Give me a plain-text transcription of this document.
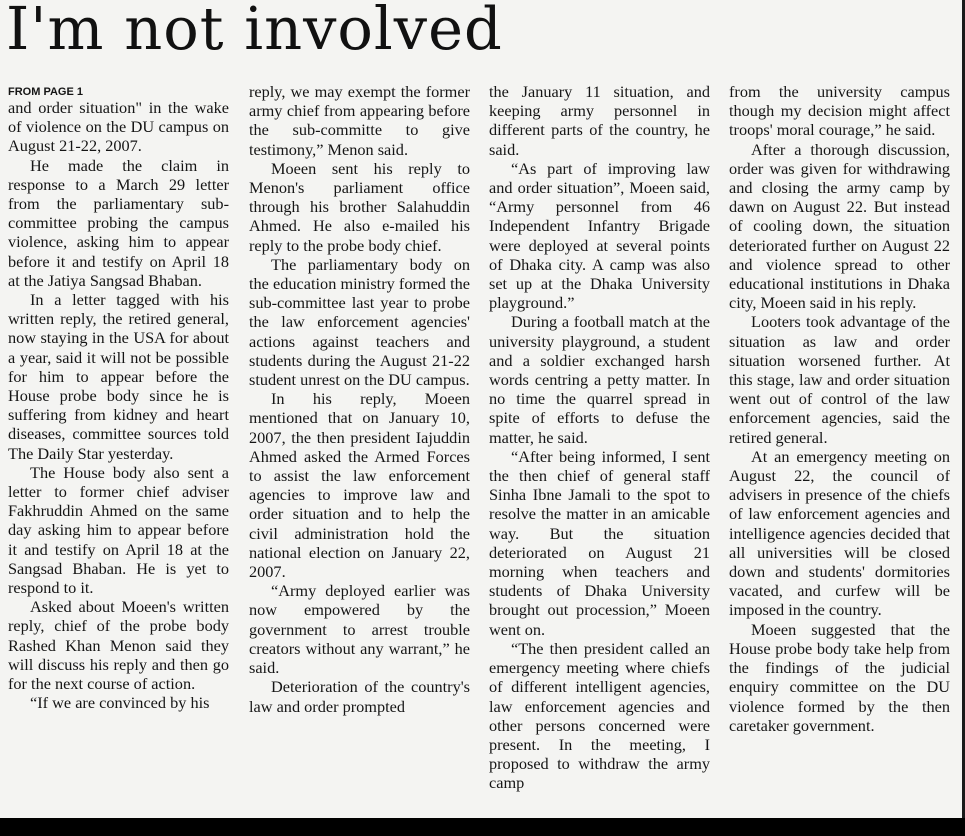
I'm not involved
FROM PAGE 1

and order situation" in the wake of violence on the DU campus on August 21-22, 2007.

He made the claim in response to a March 29 letter from the parliamentary sub-committee probing the campus violence, asking him to appear before it and testify on April 18 at the Jatiya Sangsad Bhaban.

In a letter tagged with his written reply, the retired general, now staying in the USA for about a year, said it will not be possible for him to appear before the House probe body since he is suffering from kidney and heart diseases, committee sources told The Daily Star yesterday.

The House body also sent a letter to former chief adviser Fakhruddin Ahmed on the same day asking him to appear before it and testify on April 18 at the Sangsad Bhaban. He is yet to respond to it.

Asked about Moeen's written reply, chief of the probe body Rashed Khan Menon said they will discuss his reply and then go for the next course of action.

“If we are convinced by his

reply, we may exempt the former army chief from appearing before the sub-committe to give testimony,” Menon said.

Moeen sent his reply to Menon's parliament office through his brother Salahuddin Ahmed. He also e-mailed his reply to the probe body chief.

The parliamentary body on the education ministry formed the sub-committee last year to probe the law enforcement agencies' actions against teachers and students during the August 21-22 student unrest on the DU campus.

In his reply, Moeen mentioned that on January 10, 2007, the then president Iajuddin Ahmed asked the Armed Forces to assist the law enforcement agencies to improve law and order situation and to help the civil administration hold the national election on January 22, 2007.

“Army deployed earlier was now empowered by the government to arrest trouble creators without any warrant,” he said.

Deterioration of the country's law and order prompted

the January 11 situation, and keeping army personnel in different parts of the country, he said.

“As part of improving law and order situation”, Moeen said, “Army personnel from 46 Independent Infantry Brigade were deployed at several points of Dhaka city. A camp was also set up at the Dhaka University playground.”

During a football match at the university playground, a student and a soldier exchanged harsh words centring a petty matter. In no time the quarrel spread in spite of efforts to defuse the matter, he said.

“After being informed, I sent the then chief of general staff Sinha Ibne Jamali to the spot to resolve the matter in an amicable way. But the situation deteriorated on August 21 morning when teachers and students of Dhaka University brought out procession,” Moeen went on.

“The then president called an emergency meeting where chiefs of different intelligent agencies, law enforcement agencies and other persons concerned were present. In the meeting, I proposed to withdraw the army camp

from the university campus though my decision might affect troops' moral courage,” he said.

After a thorough discussion, order was given for withdrawing and closing the army camp by dawn on August 22. But instead of cooling down, the situation deteriorated further on August 22 and violence spread to other educational institutions in Dhaka city, Moeen said in his reply.

Looters took advantage of the situation as law and order situation worsened further. At this stage, law and order situation went out of control of the law enforcement agencies, said the retired general.

At an emergency meeting on August 22, the council of advisers in presence of the chiefs of law enforcement agencies and intelligence agencies decided that all universities will be closed down and students' dormitories vacated, and curfew will be imposed in the country.

Moeen suggested that the House probe body take help from the findings of the judicial enquiry committee on the DU violence formed by the then caretaker government.
